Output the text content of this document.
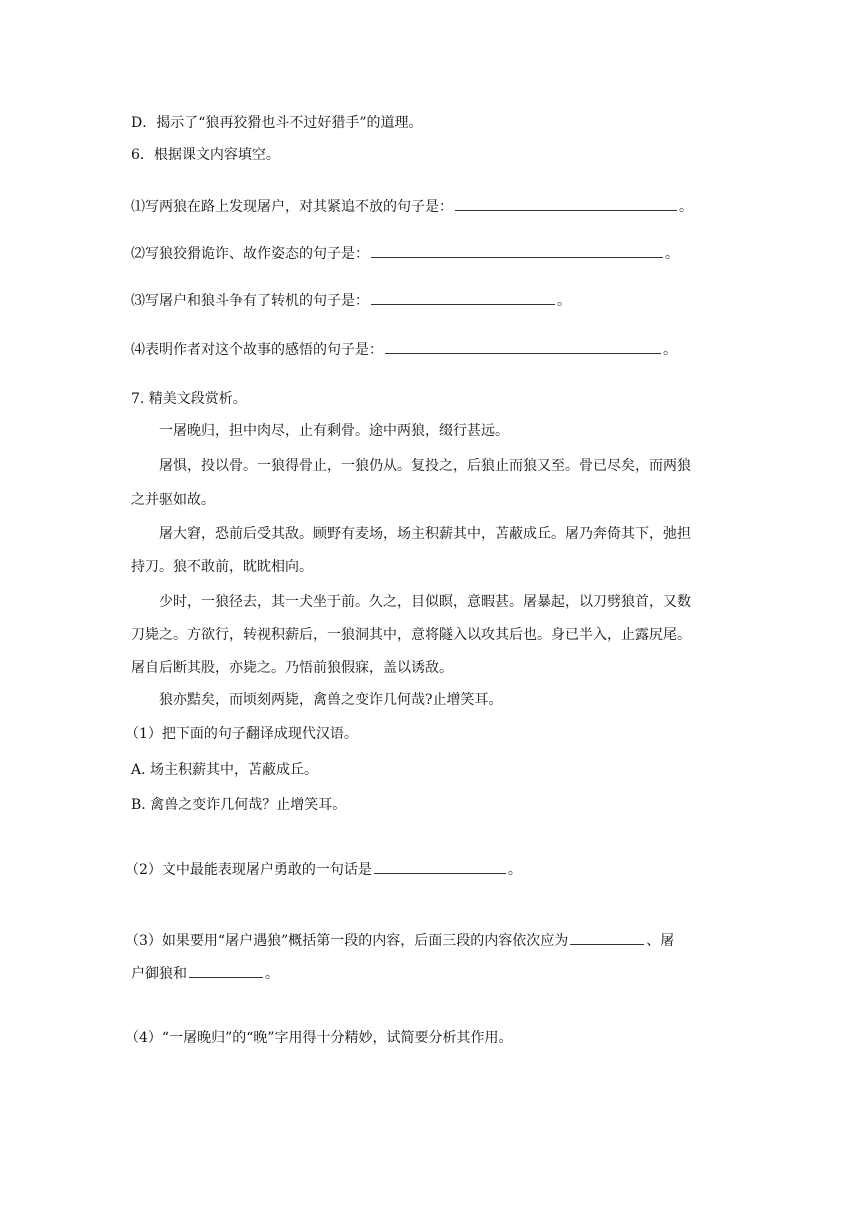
D．揭示了“狼再狡猾也斗不过好猎手”的道理。
6．根据课文内容填空。
⑴写两狼在路上发现屠户，对其紧追不放的句子是：	。
⑵写狼狡猾诡诈、故作姿态的句子是：	。
⑶写屠户和狼斗争有了转机的句子是：	。
⑷表明作者对这个故事的感悟的句子是：	。
7. 精美文段赏析。
一屠晚归，担中肉尽，止有剩骨。途中两狼，缀行甚远。
屠惧，投以骨。一狼得骨止，一狼仍从。复投之，后狼止而狼又至。骨已尽矣，而两狼
之并驱如故。
屠大窘，恐前后受其敌。顾野有麦场，场主积薪其中，苫蔽成丘。屠乃奔倚其下，弛担
持刀。狼不敢前，眈眈相向。
少时，一狼径去，其一犬坐于前。久之，目似瞑，意暇甚。屠暴起，以刀劈狼首，又数
刀毙之。方欲行，转视积薪后，一狼洞其中，意将隧入以攻其后也。身已半入，止露尻尾。
屠自后断其股，亦毙之。乃悟前狼假寐，盖以诱敌。
狼亦黠矣，而顷刻两毙，禽兽之变诈几何哉?止增笑耳。
（1）把下面的句子翻译成现代汉语。
A. 场主积薪其中，苫蔽成丘。
B. 禽兽之变诈几何哉？止增笑耳。
（2）文中最能表现屠户勇敢的一句话是	。
（3）如果要用“屠户遇狼”概括第一段的内容，后面三段的内容依次应为	、屠
户御狼和	。
（4）“一屠晚归”的“晚”字用得十分精妙，试简要分析其作用。
